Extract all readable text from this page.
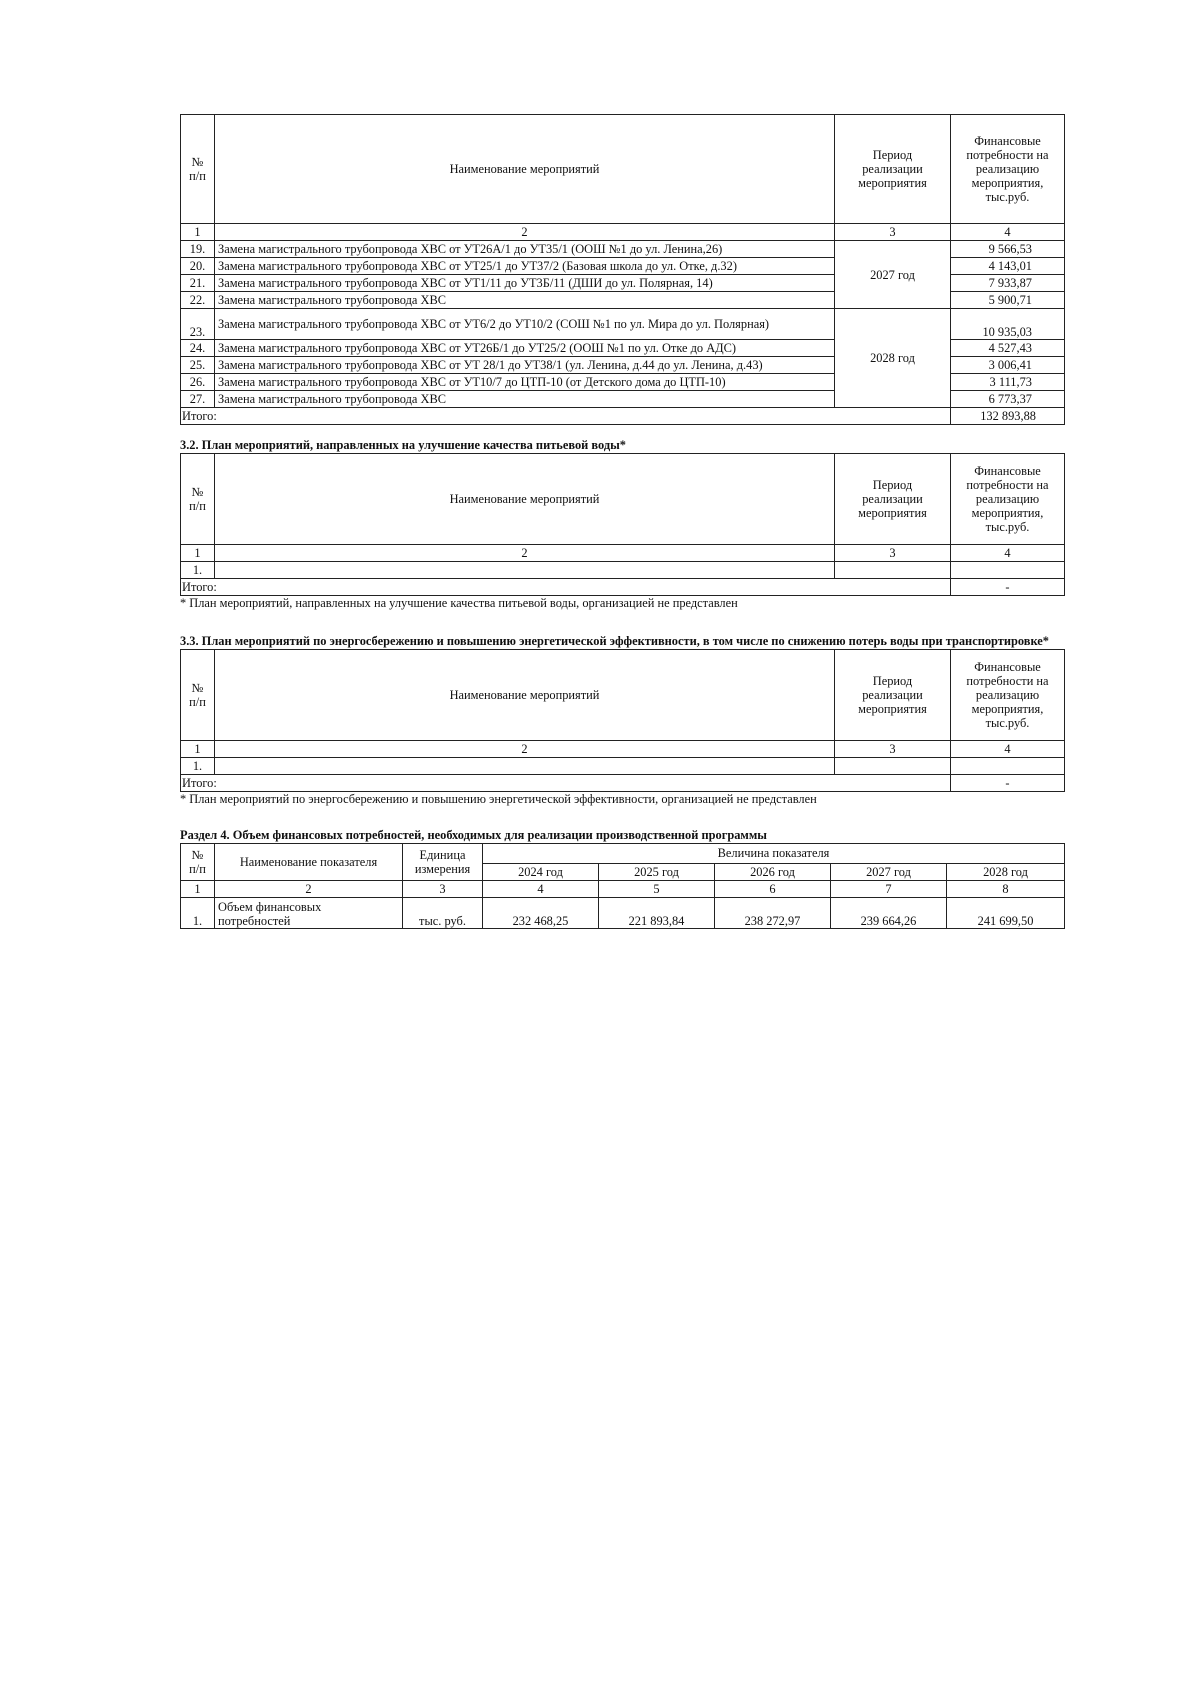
№
п/п	Наименование мероприятий	Период
реализации
мероприятия	Финансовые
потребности на
реализацию
мероприятия,
тыс.руб.
1	2	3	4
19.	Замена магистрального трубопровода ХВС от УТ26А/1 до УТ35/1 (ООШ №1 до ул. Ленина,26)	2027 год	9 566,53
20.	Замена магистрального трубопровода ХВС от УТ25/1 до УТ37/2 (Базовая школа до ул. Отке, д.32)		4 143,01
21.	Замена магистрального трубопровода ХВС от УТ1/11 до УТ3Б/11 (ДШИ до ул. Полярная, 14)		7 933,87
22.	Замена магистрального трубопровода ХВС		5 900,71
23.	Замена магистрального трубопровода ХВС от УТ6/2 до УТ10/2 (СОШ №1 по ул. Мира до ул. Полярная)	2028 год	10 935,03
24.	Замена магистрального трубопровода ХВС от УТ26Б/1 до УТ25/2 (ООШ №1 по ул. Отке до АДС)		4 527,43
25.	Замена магистрального трубопровода ХВС от УТ 28/1 до УТ38/1 (ул. Ленина, д.44 до ул. Ленина, д.43)		3 006,41
26.	Замена магистрального трубопровода ХВС от УТ10/7 до ЦТП-10 (от Детского дома до ЦТП-10)		3 111,73
27.	Замена магистрального трубопровода ХВС		6 773,37
Итого:			132 893,88

3.2. План мероприятий, направленных на улучшение качества питьевой воды*

№
п/п	Наименование мероприятий	Период
реализации
мероприятия	Финансовые
потребности на
реализацию
мероприятия,
тыс.руб.
1	2	3	4
1.			
Итого:			-

* План мероприятий, направленных на улучшение качества питьевой воды, организацией не представлен

3.3. План мероприятий по энергосбережению и повышению энергетической эффективности, в том числе по снижению потерь воды при транспортировке*

№
п/п	Наименование мероприятий	Период
реализации
мероприятия	Финансовые
потребности на
реализацию
мероприятия,
тыс.руб.
1	2	3	4
1.			
Итого:			-

* План мероприятий по энергосбережению и повышению энергетической эффективности, организацией не представлен

Раздел 4. Объем финансовых потребностей, необходимых для реализации производственной программы

№
п/п	Наименование показателя	Единица
измерения	Величина показателя				
			2024 год	2025 год	2026 год	2027 год	2028 год
1	2	3	4	5	6	7	8
1.	Объем финансовых
потребностей	тыс. руб.	232 468,25	221 893,84	238 272,97	239 664,26	241 699,50
